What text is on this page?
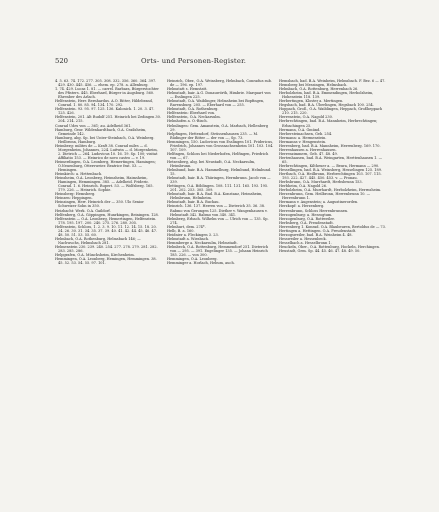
520	Orts- und Personen-Register.
4. 5. 63. 74. 172. 277. 305. 308. 332. 356. 360. 364. 397. 429. 430. 445. 456. — ehem. ep. 278. a. Allenburg.
1. 74. 429. Lucas 1. 81. — carrel. Barbara, Bürgerstochter des Pfisters. 445. Eberhard, Bürger in Augsburg. 560. Ehrenber des Arlach.
Helfenstein, Herr. Bernhardus. A.O. Ritter, Hildebrand, Conrad. 1. 80. 85. 94. 134. 170. 292.
Helfenstein. 93. 95. 97. 125. 136. Kalonich. 1. 20. 3. 47. 125. 426.
Helfenstein, 201. Alt Rudolf 251. Heinrich bei Zedingen 30. 204. 214. 215.
Conrad Udes von — 361; au. Adelheid 361.
Hamburg, Geor. Wildenhardtbach, O.A. Crailsheim, Gemeinde 142.
Hamburg, abg. Sp. bei Unter-Steinbach, O.A. Weinberg. Heilbronn, Hamburg.
Heimberg: milites de — Kraft 38. Conrad miles — d. Morgenheim, Johannes, 224. Luitwin — d. Morgenheim, 2. Dietrich — 264. Ludovicus 10. 16. 19. Sp. 100; visitat Affiliatio 153. — Heinrico de novo castro — v. 19.
Heimerdingen, O.A. Leonberg, Hemertingen, Hamingen; O.Neuenburg, Ottersweier. Beatrice frat. 53. — Hemingen.
Heimkirch: a. Hettenbach.
Heinsheim, O.A. Leonberg, Heimsheim, Haimsheim, Hamingen, Hemmingen. 385. — Adelheid. Frideric. Conrad. 1. 6. Heinrich. Rupert. 53. — Wolfsberg. 165. 179. 226. — Heinrich. Sophie.
Heinsberg: Hemsberg.
Heinzen: Heppingen.
Heinzingen, Herr. Heinrich der — 350. Ulo Senior Schweizer Sohn in 350.
Heizbacht: Werk. O.A. Gaildorf.
Helfenberg, O.A. Göppingen, Hunrkingen, Beiningen. 128.
Helfenstein — O.A. Leonberg, Hemertingen, Helfenstein. 178. 195. 197. 200. 240. 275. 276. 280. 305.
Helfenstein, Schloss, 1. 2. 3. 9. 10. 11. 12. 14. 15. 18. 20. 24. 26. 30. 31. 34. 35. 37. 39. 40. 41. 42. 44. 45. 46. 47. 48. 50. 51. 53. 55. 60.
Helmbach, O.A. Rothenburg, Helmsbach 146; — Nachwuchs, Helmsbach 281.
Helmenstein 230. 239. 240. 254. 277. 278. 279. 281. 282. 283. 285. 286.
Helpgrafen, O.A. Münchsheim, Kirchenheim.
Hemmingen, O.A. Leonberg, Hemingen, Hemmingen. 38. 45. 52. 53. 54. 55. 97. 101.
Heinrich, Ober., O.A. Weinsberg, Helmbach, Conradus sub. de — 196. ep. 197.
Helmstatt s. Hemstatt.
Helmstadt, bair. A.G. Donauwörth, Himbrie. Marquart von — Esslingen 225.
Helmstadt, O.A. Waiblinger, Helmsheim bei Bopfingen, Ravensburg. 205. — Eberhard von — 255.
Helmstadt, O.A. Rothenburg.
Helfenstein: Eberhard von.
Helfenstein, O.A. Neckarsulm.
Helmhofen a. O.-Bisch.
Helmlingen: Gem. Amanstein, O.A. Marbach, Hellenberg 29.
Helpfingen, Hettendorf, Strüssenhausen 235. — M. Rüdinger der Ritter — der von —, Sp. 73.
Hemmingen, 150. Ludovicus von Esslingen 101. Fridericus, Friedrich, Johannes von Grosssachsenheim 101. 103. 104. 107. 109.
Helfingen, Schloss bei Niederhofen, Helfingen, Friedrich von —, 67.
Hetzenberg, abg. bei Neustadt, O.A. Neckarsulm, Heimbrunn.
Helmbund, bair. B.A. Hammelburg, Helmbund, Helmbund. 15.
Helmstadt, bair. B.A. Thüringen, Hermbrunn. Jacob von — 339.
Hettingen, O.A. Böblingen. 108. 111. 131. 165. 193. 195. 201. 202. 253. 305. 309.
Helmstadt, bair. B.A. Bad. B.A. Konstanz, Heimsheim, Helmbrunn, Helmheim.
Helmstadt, bair. B.A. Buchau.
Heinrich. 136. 137. Herren von — Dieterich 35. 36. 38. Rabmo von Gerungen 125. Diether v. Wangenhausen v. Helmstadt 342. Rabmo von 340. 341.
Helmberg, Erbach. Wilhelm von — Ulrich von — 135. Sp. 274.
Helmhurt, dem. 274*.
Helb, B. a. 160.
Heidnier a. Fleckingen 3. 23.
Helmstadt a. Wiesbach.
Hemmberge a. Neckarsulm, Helmstadt.
Helmbeck, O.A. Rottenburg, Hemmendorf 251. Dieterich von — 295. — 391. Engelinger 135. — Johann Heinrich 185. 226. — von 300.
Hemmingen, O.A. Leonberg.
Hemminger a. Horlach, Hebum, auch.
Hemsbach, bad. B.A. Weinheim, Helmsbach. F. Bez. 6 — 47.
Hemsberg bei Messingen, Helmsbach.
Helmbach, O.A. Rottenburg, Herrenbach 26.
Herbolzheim, bad. B.A. Emmendingen, Herbolzheim, Hohenstein 118. 139.
Herbertingen, Kloster a. Mertingen.
Hegsbach, bad. B.A. Überlingen, Hegsbach 100. 254.
Hoppach, Groß., O.A. Waiblingen, Heppach, Großheppach 210. 215. 220.
Herrenstein, O.A. Nagold 230.
Herbrechtingen, bad. B.A. Mannheim, Herbrechtingen; Erbachingen 25.
Hermann, O.A. Gmünd.
Herbersteinachsen, Geb. 254.
Hermann: a. Hermenstein.
Hermanns v. Hengenstein.
Herrenberg, bad. B.A. Mannheim, Herrenberg. 169. 170.
Herrenhausen a. Herrenhausen.
Herrenzimmern, Geb. 47. 48. 49.
Hertenhausen, bad. B.A. Weingarten, Herttenhausen 1. — 65.
Herbrechtingen, Kiltheuer a. — Beura, Hermann — 290.
Hessellingen, bad. B.A. Weinsberg, Hesselingen 125. 189.
Hertbach, O.A. Heilbronn, Herbrechtingen 103. 107. 115. 193. 222. 427. 445. 450. 453. v. — Fronau.
Herbsbrunn, O.A. Murrhardt, Herbsbrunn 153.
Herbheim, O.A. Nagold 26.
Herbolzheim, O.A. Murrhardt, Herbolzheim, Herrnsheim.
Herzenbrunn, Gem. Heilbronn, Herrenbrunn 10. — Herrenbrunn 1.
Hermann v. Augenstein; a. Augustinerorden.
Herzkopf: a. Herzenberg.
Herrenbrunn, Schloss Herrenbrunnen.
Herzogenburg: a. Herzogtum.
Herzogenburg, O.A. Rottweiler.
Herbsberg, O.A. Freudenstadt.
Herrenberg 1. Konrad. O.A. Blaubeuren, Bertoldus de — 73.
Hertingen a. Hettingen. O.A. Freudenstadt.
Herzogsweiler, bad. B.A. Weinheim 4. 48.
Hessweiler a. Hessenbeck.
Hesselbach a. Hesselbronn 1.
Heuckeln, Ober., O.A. Rottenburg, Hockeln, Herchingen.
Heustadt, Gem. Sp. 44. 45. 46. 47. 48. 49. 50.
